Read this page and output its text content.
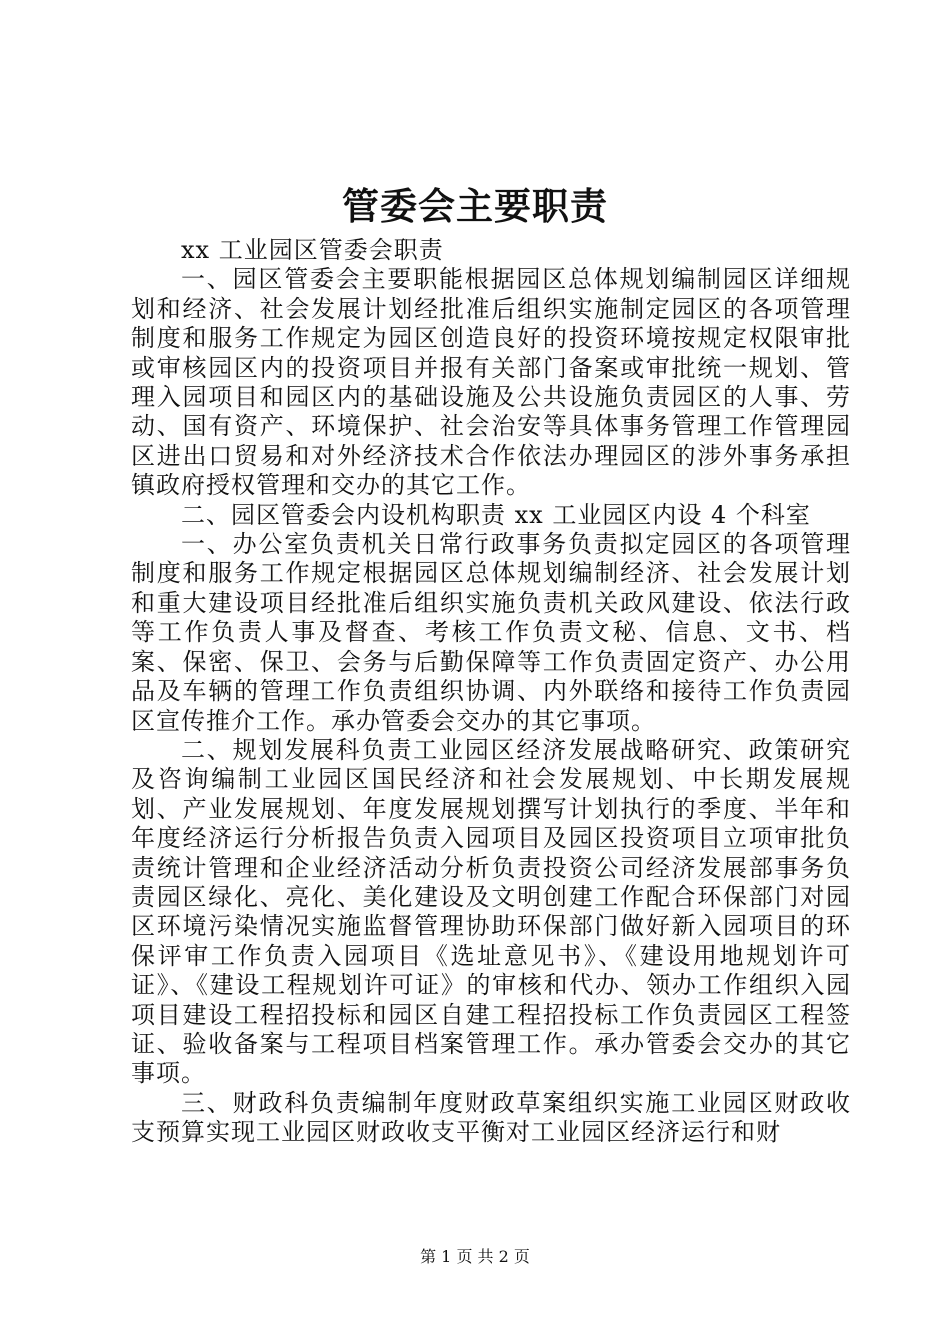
管委会主要职责

xx 工业园区管委会职责

一、园区管委会主要职能根据园区总体规划编制园区详细规划和经济、社会发展计划经批准后组织实施制定园区的各项管理制度和服务工作规定为园区创造良好的投资环境按规定权限审批或审核园区内的投资项目并报有关部门备案或审批统一规划、管理入园项目和园区内的基础设施及公共设施负责园区的人事、劳动、国有资产、环境保护、社会治安等具体事务管理工作管理园区进出口贸易和对外经济技术合作依法办理园区的涉外事务承担镇政府授权管理和交办的其它工作。

二、园区管委会内设机构职责 xx 工业园区内设 4 个科室

一、办公室负责机关日常行政事务负责拟定园区的各项管理制度和服务工作规定根据园区总体规划编制经济、社会发展计划和重大建设项目经批准后组织实施负责机关政风建设、依法行政等工作负责人事及督查、考核工作负责文秘、信息、文书、档案、保密、保卫、会务与后勤保障等工作负责固定资产、办公用品及车辆的管理工作负责组织协调、内外联络和接待工作负责园区宣传推介工作。承办管委会交办的其它事项。

二、规划发展科负责工业园区经济发展战略研究、政策研究及咨询编制工业园区国民经济和社会发展规划、中长期发展规划、产业发展规划、年度发展规划撰写计划执行的季度、半年和年度经济运行分析报告负责入园项目及园区投资项目立项审批负责统计管理和企业经济活动分析负责投资公司经济发展部事务负责园区绿化、亮化、美化建设及文明创建工作配合环保部门对园区环境污染情况实施监督管理协助环保部门做好新入园项目的环保评审工作负责入园项目《选址意见书》、《建设用地规划许可证》、《建设工程规划许可证》的审核和代办、领办工作组织入园项目建设工程招投标和园区自建工程招投标工作负责园区工程签证、验收备案与工程项目档案管理工作。承办管委会交办的其它事项。

三、财政科负责编制年度财政草案组织实施工业园区财政收支预算实现工业园区财政收支平衡对工业园区经济运行和财

第 1 页 共 2 页
